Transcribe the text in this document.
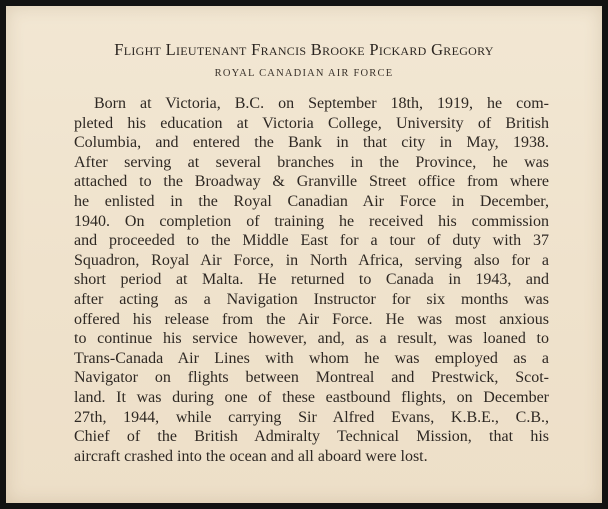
Flight Lieutenant Francis Brooke Pickard Gregory
ROYAL CANADIAN AIR FORCE
Born at Victoria, B.C. on September 18th, 1919, he com-
pleted his education at Victoria College, University of British
Columbia, and entered the Bank in that city in May, 1938.
After serving at several branches in the Province, he was
attached to the Broadway & Granville Street office from where
he enlisted in the Royal Canadian Air Force in December,
1940. On completion of training he received his commission
and proceeded to the Middle East for a tour of duty with 37
Squadron, Royal Air Force, in North Africa, serving also for a
short period at Malta. He returned to Canada in 1943, and
after acting as a Navigation Instructor for six months was
offered his release from the Air Force. He was most anxious
to continue his service however, and, as a result, was loaned to
Trans-Canada Air Lines with whom he was employed as a
Navigator on flights between Montreal and Prestwick, Scot-
land. It was during one of these eastbound flights, on December
27th, 1944, while carrying Sir Alfred Evans, K.B.E., C.B.,
Chief of the British Admiralty Technical Mission, that his
aircraft crashed into the ocean and all aboard were lost.
